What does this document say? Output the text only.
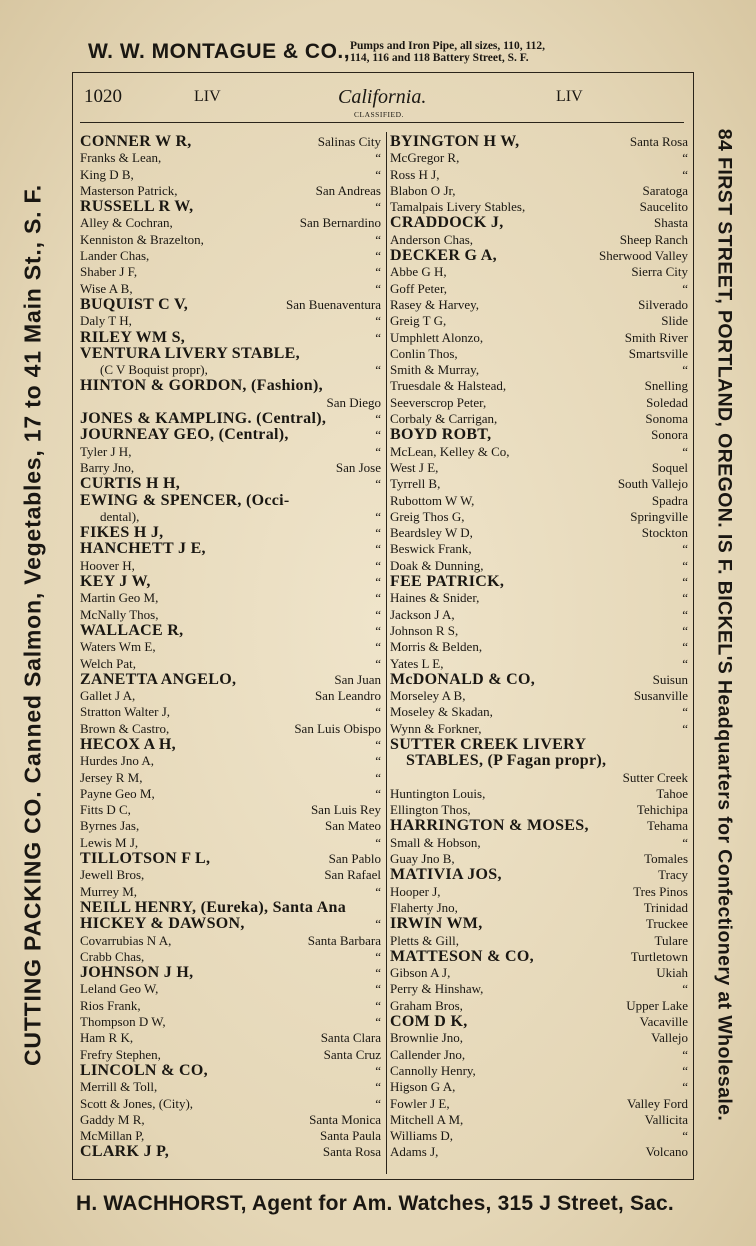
W. W. MONTAGUE & CO., Pumps and Iron Pipe, all sizes, 110, 112,
114, 116 and 118 Battery Street, S. F.
CUTTING PACKING CO. Canned Salmon, Vegetables, 17 to 41 Main St., S. F.	84 FIRST STREET, PORTLAND, OREGON. IS F. BICKEL'S Headquarters for Confectionery at Wholesale.
1020	LIV	California.
CLASSIFIED.
LIV
CONNER W R,	Salinas City
Franks & Lean,	“
King D B,	“
Masterson Patrick,	San Andreas
RUSSELL R W,	“
Alley & Cochran,	San Bernardino
Kenniston & Brazelton,	“
Lander Chas,	“
Shaber J F,	“
Wise A B,	“
BUQUIST C V,	San Buenaventura
Daly T H,	“
RILEY WM S,	“
VENTURA LIVERY STABLE,
(C V Boquist propr),	“
HINTON & GORDON, (Fashion),
San Diego
JONES & KAMPLING. (Central),	“
JOURNEAY GEO, (Central),	“
Tyler J H,	“
Barry Jno,	San Jose
CURTIS H H,	“
EWING & SPENCER, (Occi-
dental),	“
FIKES H J,	“
HANCHETT J E,	“
Hoover H,	“
KEY J W,	“
Martin Geo M,	“
McNally Thos,	“
WALLACE R,	“
Waters Wm E,	“
Welch Pat,	“
ZANETTA ANGELO,	San Juan
Gallet J A,	San Leandro
Stratton Walter J,	“
Brown & Castro,	San Luis Obispo
HECOX A H,	“
Hurdes Jno A,	“
Jersey R M,	“
Payne Geo M,	“
Fitts D C,	San Luis Rey
Byrnes Jas,	San Mateo
Lewis M J,	“
TILLOTSON F L,	San Pablo
Jewell Bros,	San Rafael
Murrey M,	“
NEILL HENRY, (Eureka), Santa Ana
HICKEY & DAWSON,	“
Covarrubias N A,	Santa Barbara
Crabb Chas,	“
JOHNSON J H,	“
Leland Geo W,	“
Rios Frank,	“
Thompson D W,	“
Ham R K,	Santa Clara
Frefry Stephen,	Santa Cruz
LINCOLN & CO,	“
Merrill & Toll,	“
Scott & Jones, (City),	“
Gaddy M R,	Santa Monica
McMillan P,	Santa Paula
CLARK J P,	Santa Rosa
BYINGTON H W,	Santa Rosa
McGregor R,	“
Ross H J,	“
Blabon O Jr,	Saratoga
Tamalpais Livery Stables,	Saucelito
CRADDOCK J,	Shasta
Anderson Chas,	Sheep Ranch
DECKER G A,	Sherwood Valley
Abbe G H,	Sierra City
Goff Peter,	“
Rasey & Harvey,	Silverado
Greig T G,	Slide
Umphlett Alonzo,	Smith River
Conlin Thos,	Smartsville
Smith & Murray,	“
Truesdale & Halstead,	Snelling
Seeverscrop Peter,	Soledad
Corbaly & Carrigan,	Sonoma
BOYD ROBT,	Sonora
McLean, Kelley & Co,	“
West J E,	Soquel
Tyrrell B,	South Vallejo
Rubottom W W,	Spadra
Greig Thos G,	Springville
Beardsley W D,	Stockton
Beswick Frank,	“
Doak & Dunning,	“
FEE PATRICK,	“
Haines & Snider,	“
Jackson J A,	“
Johnson R S,	“
Morris & Belden,	“
Yates L E,	“
McDONALD & CO,	Suisun
Morseley A B,	Susanville
Moseley & Skadan,	“
Wynn & Forkner,	“
SUTTER CREEK LIVERY
STABLES, (P Fagan propr),
Sutter Creek
Huntington Louis,	Tahoe
Ellington Thos,	Tehichipa
HARRINGTON & MOSES,	Tehama
Small & Hobson,	“
Guay Jno B,	Tomales
MATIVIA JOS,	Tracy
Hooper J,	Tres Pinos
Flaherty Jno,	Trinidad
IRWIN WM,	Truckee
Pletts & Gill,	Tulare
MATTESON & CO,	Turtletown
Gibson A J,	Ukiah
Perry & Hinshaw,	“
Graham Bros,	Upper Lake
COM D K,	Vacaville
Brownlie Jno,	Vallejo
Callender Jno,	“
Cannolly Henry,	“
Higson G A,	“
Fowler J E,	Valley Ford
Mitchell A M,	Vallicita
Williams D,	“
Adams J,	Volcano
H. WACHHORST, Agent for Am. Watches, 315 J Street, Sac.
